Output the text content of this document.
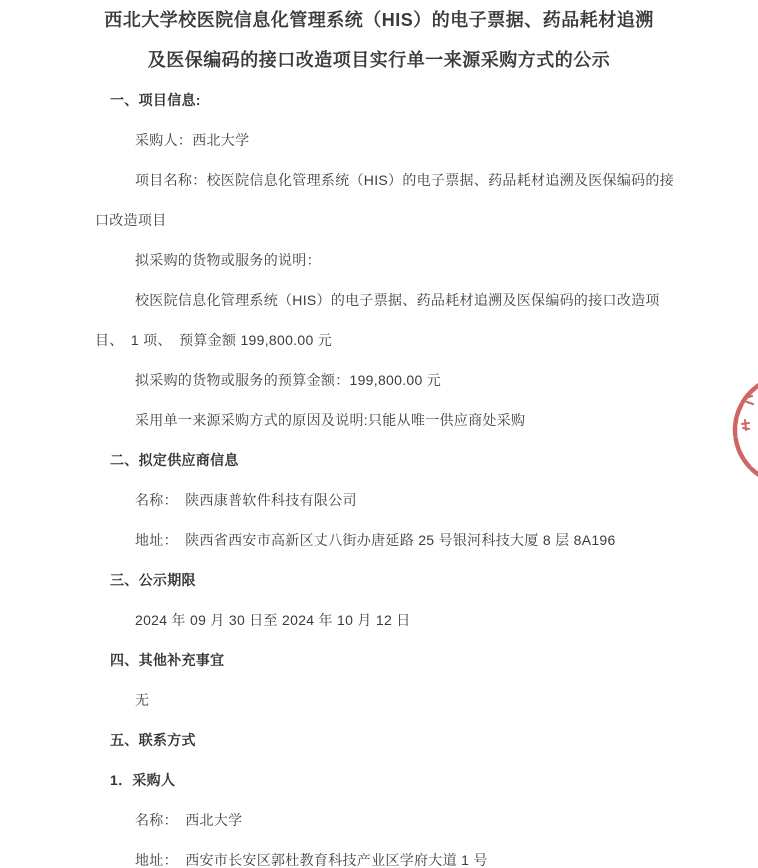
西北大学校医院信息化管理系统（HIS）的电子票据、药品耗材追溯
及医保编码的接口改造项目实行单一来源采购方式的公示
一、项目信息:
采购人：西北大学
项目名称：校医院信息化管理系统（HIS）的电子票据、药品耗材追溯及医保编码的接
口改造项目
拟采购的货物或服务的说明：
校医院信息化管理系统（HIS）的电子票据、药品耗材追溯及医保编码的接口改造项
目、　1 项、　预算金额 199,800.00 元
拟采购的货物或服务的预算金额：199,800.00 元
采用单一来源采购方式的原因及说明:只能从唯一供应商处采购
二、拟定供应商信息
名称：　陕西康普软件科技有限公司
地址：　陕西省西安市高新区丈八街办唐延路 25 号银河科技大厦 8 层 8A196
三、公示期限
2024 年 09 月 30 日至 2024 年 10 月 12 日
四、其他补充事宜
无
五、联系方式
1．采购人
名称：　西北大学
地址：　西安市长安区郭杜教育科技产业区学府大道 1 号
